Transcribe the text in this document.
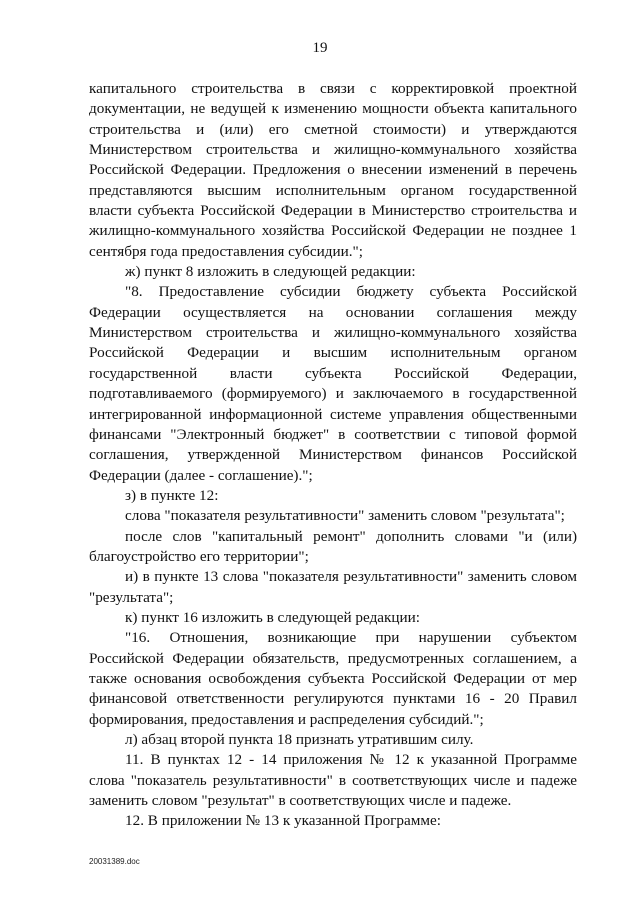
19

капитального строительства в связи с корректировкой проектной документации, не ведущей к изменению мощности объекта капитального строительства и (или) его сметной стоимости) и утверждаются Министерством строительства и жилищно-коммунального хозяйства Российской Федерации. Предложения о внесении изменений в перечень представляются высшим исполнительным органом государственной власти субъекта Российской Федерации в Министерство строительства и жилищно-коммунального хозяйства Российской Федерации не позднее 1 сентября года предоставления субсидии.";

ж) пункт 8 изложить в следующей редакции:

"8. Предоставление субсидии бюджету субъекта Российской Федерации осуществляется на основании соглашения между Министерством строительства и жилищно-коммунального хозяйства Российской Федерации и высшим исполнительным органом государственной власти субъекта Российской Федерации, подготавливаемого (формируемого) и заключаемого в государственной интегрированной информационной системе управления общественными финансами "Электронный бюджет" в соответствии с типовой формой соглашения, утвержденной Министерством финансов Российской Федерации (далее - соглашение).";

з) в пункте 12:

слова "показателя результативности" заменить словом "результата";

после слов "капитальный ремонт" дополнить словами "и (или) благоустройство его территории";

и) в пункте 13 слова "показателя результативности" заменить словом "результата";

к) пункт 16 изложить в следующей редакции:

"16. Отношения, возникающие при нарушении субъектом Российской Федерации обязательств, предусмотренных соглашением, а также основания освобождения субъекта Российской Федерации от мер финансовой ответственности регулируются пунктами 16 - 20 Правил формирования, предоставления и распределения субсидий.";

л) абзац второй пункта 18 признать утратившим силу.

11. В пунктах 12 - 14 приложения № 12 к указанной Программе слова "показатель результативности" в соответствующих числе и падеже заменить словом "результат" в соответствующих числе и падеже.

12. В приложении № 13 к указанной Программе:

20031389.doc
